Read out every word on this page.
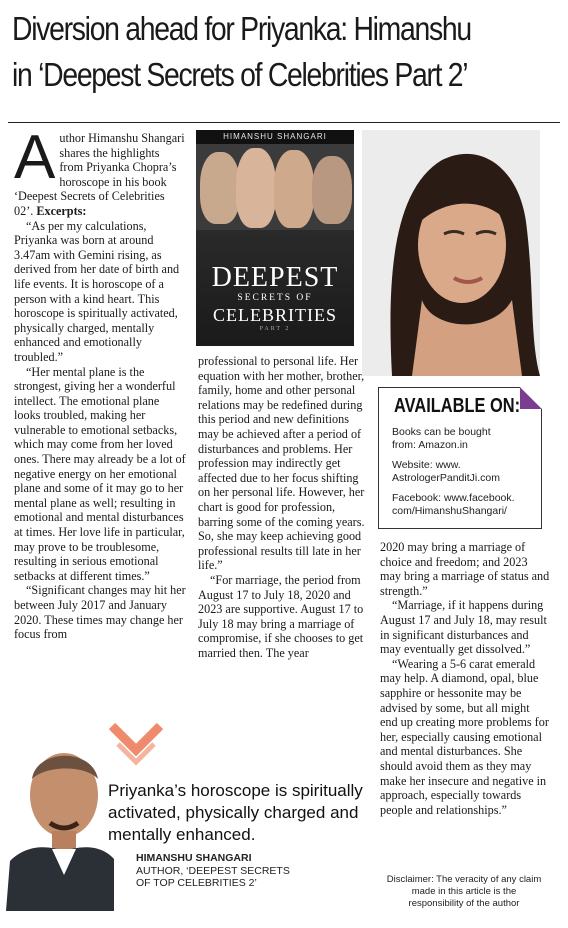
Diversion ahead for Priyanka: Himanshu
in ‘Deepest Secrets of Celebrities Part 2’
A uthor Himanshu Shangari shares the highlights from Priyanka Chopra’s horoscope in his book ‘Deepest Secrets of Celebrities 02’. Excerpts:

“As per my calculations, Priyanka was born at around 3.47am with Gemini rising, as derived from her date of birth and life events. It is horoscope of a person with a kind heart. This horoscope is spiritually activated, physically charged, mentally enhanced and emotionally troubled.”

“Her mental plane is the strongest, giving her a wonderful intellect. The emotional plane looks troubled, making her vulnerable to emotional setbacks, which may come from her loved ones. There may already be a lot of negative energy on her emotional plane and some of it may go to her mental plane as well; resulting in emotional and mental disturbances at times. Her love life in particular, may prove to be troublesome, resulting in serious emotional setbacks at different times.”

“Significant changes may hit her between July 2017 and January 2020. These times may change her focus from

HIMANSHU SHANGARI
DEEPEST
SECRETS OF
CELEBRITIES
PART 2

professional to personal life. Her equation with her mother, brother, family, home and other personal relations may be redefined during this period and new definitions may be achieved after a period of disturbances and problems. Her profession may indirectly get affected due to her focus shifting on her personal life. However, her chart is good for profession, barring some of the coming years. So, she may keep achieving good professional results till late in her life.”

“For marriage, the period from August 17 to July 18, 2020 and 2023 are supportive. August 17 to July 18 may bring a marriage of compromise, if she chooses to get married then. The year

AVAILABLE ON:
Books can be bought
from: Amazon.in
Website: www.
AstrologerPanditJi.com
Facebook: www.facebook.
com/HimanshuShangari/

2020 may bring a marriage of choice and freedom; and 2023 may bring a marriage of status and strength.”

“Marriage, if it happens during August 17 and July 18, may result in significant disturbances and may eventually get dissolved.”

“Wearing a 5-6 carat emerald may help. A diamond, opal, blue sapphire or hessonite may be advised by some, but all might end up creating more problems for her, especially causing emotional and mental disturbances. She should avoid them as they may make her insecure and negative in approach, especially towards people and relationships.”

Priyanka’s horoscope is spiritually activated, physically charged and mentally enhanced.
HIMANSHU SHANGARI
AUTHOR, ‘DEEPEST SECRETS
OF TOP CELEBRITIES 2’	Disclaimer: The veracity of any claim made in this article is the responsibility of the author
